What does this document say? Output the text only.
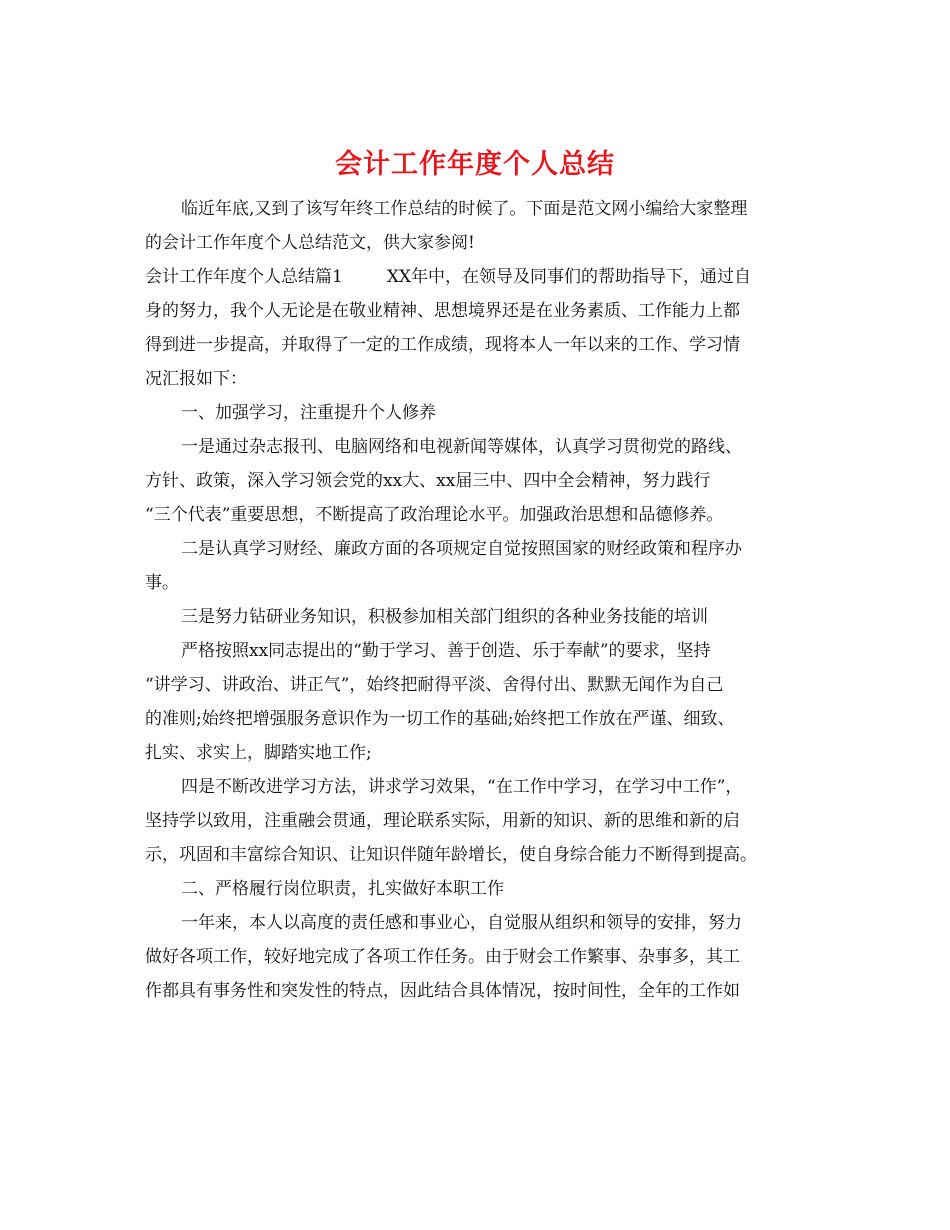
会计工作年度个人总结
临近年底,又到了该写年终工作总结的时候了。下面是范文网小编给大家整理
的会计工作年度个人总结范文，供大家参阅!
会计工作年度个人总结篇1	XX年中，在领导及同事们的帮助指导下，通过自
身的努力，我个人无论是在敬业精神、思想境界还是在业务素质、工作能力上都
得到进一步提高，并取得了一定的工作成绩，现将本人一年以来的工作、学习情
况汇报如下：
一、加强学习，注重提升个人修养
一是通过杂志报刊、电脑网络和电视新闻等媒体，认真学习贯彻党的路线、
方针、政策，深入学习领会党的xx大、xx届三中、四中全会精神，努力践行
“三个代表”重要思想，不断提高了政治理论水平。加强政治思想和品德修养。
二是认真学习财经、廉政方面的各项规定自觉按照国家的财经政策和程序办
事。
三是努力钻研业务知识，积极参加相关部门组织的各种业务技能的培训
严格按照xx同志提出的“勤于学习、善于创造、乐于奉献”的要求，坚持
“讲学习、讲政治、讲正气”，始终把耐得平淡、舍得付出、默默无闻作为自己
的准则;始终把增强服务意识作为一切工作的基础;始终把工作放在严谨、细致、
扎实、求实上，脚踏实地工作;
四是不断改进学习方法，讲求学习效果，“在工作中学习，在学习中工作”，
坚持学以致用，注重融会贯通，理论联系实际，用新的知识、新的思维和新的启
示，巩固和丰富综合知识、让知识伴随年龄增长，使自身综合能力不断得到提高。
二、严格履行岗位职责，扎实做好本职工作
一年来，本人以高度的责任感和事业心，自觉服从组织和领导的安排，努力
做好各项工作，较好地完成了各项工作任务。由于财会工作繁事、杂事多，其工
作都具有事务性和突发性的特点，因此结合具体情况，按时间性，全年的工作如
